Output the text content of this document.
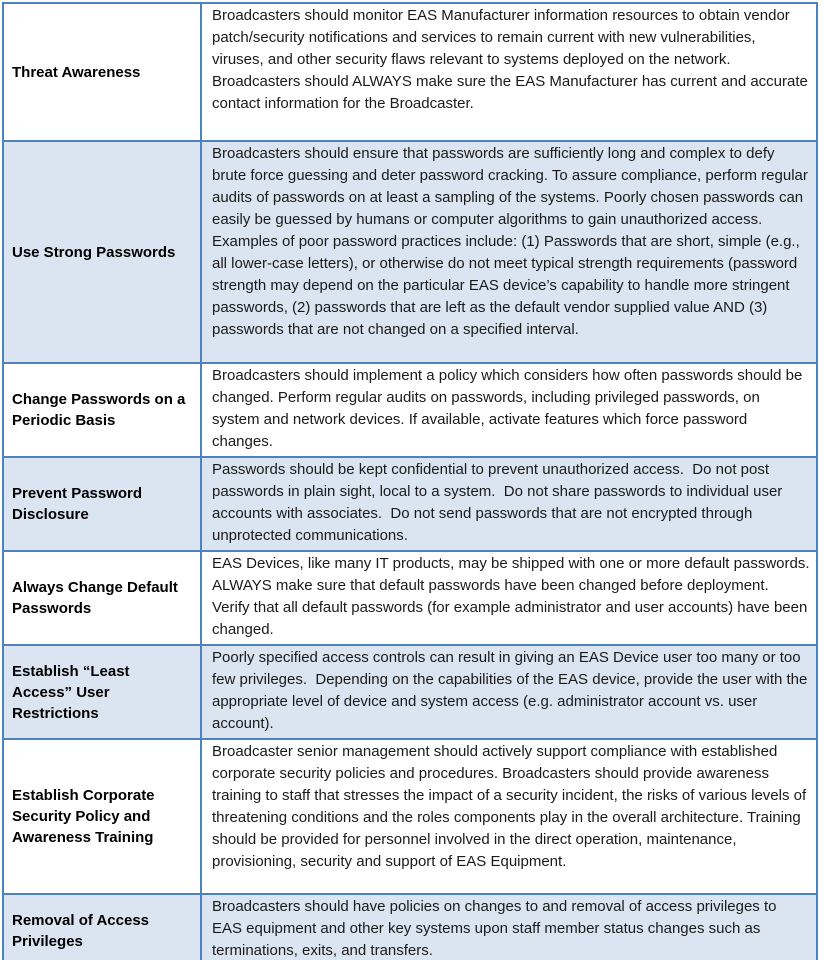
Threat Awareness
Broadcasters should monitor EAS Manufacturer information resources to obtain vendor patch/security notifications and services to remain current with new vulnerabilities, viruses, and other security flaws relevant to systems deployed on the network.  Broadcasters should ALWAYS make sure the EAS Manufacturer has current and accurate contact information for the Broadcaster.
Use Strong Passwords
Broadcasters should ensure that passwords are sufficiently long and complex to defy brute force guessing and deter password cracking. To assure compliance, perform regular audits of passwords on at least a sampling of the systems. Poorly chosen passwords can easily be guessed by humans or computer algorithms to gain unauthorized access.  Examples of poor password practices include: (1) Passwords that are short, simple (e.g., all lower-case letters), or otherwise do not meet typical strength requirements (password strength may depend on the particular EAS device’s capability to handle more stringent passwords, (2) passwords that are left as the default vendor supplied value AND (3) passwords that are not changed on a specified interval.
Change Passwords on a Periodic Basis
Broadcasters should implement a policy which considers how often passwords should be changed. Perform regular audits on passwords, including privileged passwords, on system and network devices. If available, activate features which force password changes.
Prevent Password Disclosure
Passwords should be kept confidential to prevent unauthorized access.  Do not post passwords in plain sight, local to a system.  Do not share passwords to individual user accounts with associates.  Do not send passwords that are not encrypted through unprotected communications.
Always Change Default Passwords
EAS Devices, like many IT products, may be shipped with one or more default passwords.  ALWAYS make sure that default passwords have been changed before deployment.  Verify that all default passwords (for example administrator and user accounts) have been changed.
Establish “Least Access” User Restrictions
Poorly specified access controls can result in giving an EAS Device user too many or too few privileges.  Depending on the capabilities of the EAS device, provide the user with the appropriate level of device and system access (e.g. administrator account vs. user account).
Establish Corporate Security Policy and Awareness Training
Broadcaster senior management should actively support compliance with established corporate security policies and procedures. Broadcasters should provide awareness training to staff that stresses the impact of a security incident, the risks of various levels of threatening conditions and the roles components play in the overall architecture. Training should be provided for personnel involved in the direct operation, maintenance, provisioning, security and support of EAS Equipment.
Removal of Access Privileges
Broadcasters should have policies on changes to and removal of access privileges to EAS equipment and other key systems upon staff member status changes such as terminations, exits, and transfers.
